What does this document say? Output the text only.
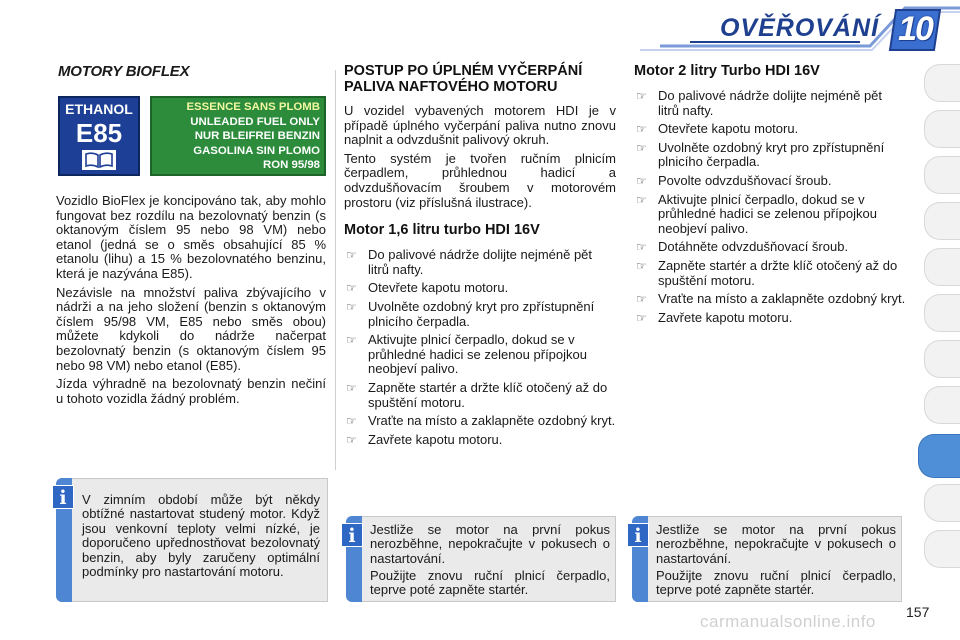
OVĚŘOVÁNÍ 10
MOTORY BIOFLEX
ETHANOL
E85
ESSENCE SANS PLOMB
UNLEADED FUEL ONLY
NUR BLEIFREI BENZIN
GASOLINA SIN PLOMO
RON 95/98

Vozidlo BioFlex je koncipováno tak, aby mohlo fungovat bez rozdílu na bezolovnatý benzin (s oktanovým číslem 95 nebo 98 VM) nebo etanol (jedná se o směs obsahující 85 % etanolu (lihu) a 15 % bezolovnatého benzinu, která je nazývána E85).

Nezávisle na množství paliva zbývajícího v nádrži a na jeho složení (benzin s oktanovým číslem 95/98 VM, E85 nebo směs obou) můžete kdykoli do nádrže načerpat bezolovnatý benzin (s oktanovým číslem 95 nebo 98 VM) nebo etanol (E85).

Jízda výhradně na bezolovnatý benzin nečiní u tohoto vozidla žádný problém.

POSTUP PO ÚPLNÉM VYČERPÁNÍ PALIVA NAFTOVÉHO MOTORU

U vozidel vybavených motorem HDI je v případě úplného vyčerpání paliva nutno znovu naplnit a odvzdušnit palivový okruh.

Tento systém je tvořen ručním plnicím čerpadlem, průhlednou hadicí a odvzdušňovacím šroubem v motorovém prostoru (viz příslušná ilustrace).

Motor 1,6 litru turbo HDI 16V
☞ Do palivové nádrže dolijte nejméně pět litrů nafty.
☞ Otevřete kapotu motoru.
☞ Uvolněte ozdobný kryt pro zpřístupnění plnicího čerpadla.
☞ Aktivujte plnicí čerpadlo, dokud se v průhledné hadici se zelenou přípojkou neobjeví palivo.
☞ Zapněte startér a držte klíč otočený až do spuštění motoru.
☞ Vraťte na místo a zaklapněte ozdobný kryt.
☞ Zavřete kapotu motoru.
Motor 2 litry Turbo HDI 16V
☞ Do palivové nádrže dolijte nejméně pět litrů nafty.
☞ Otevřete kapotu motoru.
☞ Uvolněte ozdobný kryt pro zpřístupnění plnicího čerpadla.
☞ Povolte odvzdušňovací šroub.
☞ Aktivujte plnicí čerpadlo, dokud se v průhledné hadici se zelenou přípojkou neobjeví palivo.
☞ Dotáhněte odvzdušňovací šroub.
☞ Zapněte startér a držte klíč otočený až do spuštění motoru.
☞ Vraťte na místo a zaklapněte ozdobný kryt.
☞ Zavřete kapotu motoru.
V zimním období může být někdy obtížné nastartovat studený motor. Když jsou venkovní teploty velmi nízké, je doporučeno upřednostňovat bezolovnatý benzin, aby byly zaručeny optimální podmínky pro nastartování motoru.
i
Jestliže se motor na první pokus nerozběhne, nepokračujte v pokusech o nastartování.
Použijte znovu ruční plnicí čerpadlo, teprve poté zapněte startér.
i	Jestliže se motor na první pokus nerozběhne, nepokračujte v pokusech o nastartování.
Použijte znovu ruční plnicí čerpadlo, teprve poté zapněte startér.
i
carmanualsonline.info 157
